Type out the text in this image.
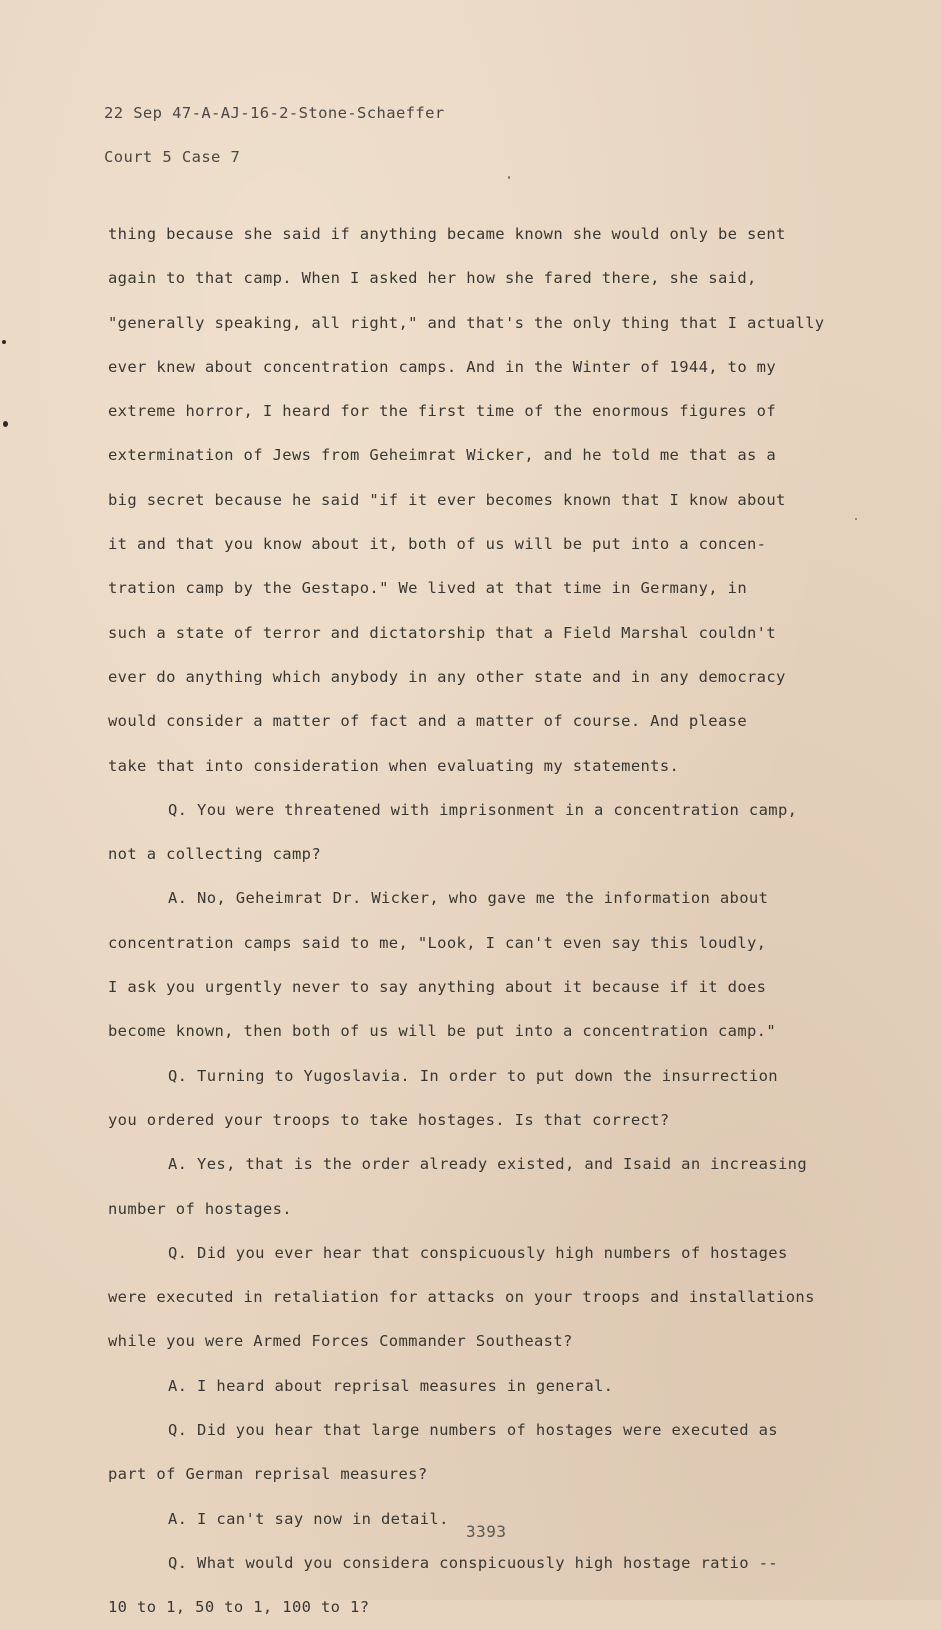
22 Sep 47-A-AJ-16-2-Stone-Schaeffer
Court 5 Case 7
thing because she said if anything became known she would only be sent
again to that camp. When I asked her how she fared there, she said,
"generally speaking, all right," and that's the only thing that I actually
ever knew about concentration camps. And in the Winter of 1944, to my
extreme horror, I heard for the first time of the enormous figures of
extermination of Jews from Geheimrat Wicker, and he told me that as a
big secret because he said "if it ever becomes known that I know about
it and that you know about it, both of us will be put into a concen-
tration camp by the Gestapo." We lived at that time in Germany, in
such a state of terror and dictatorship that a Field Marshal couldn't
ever do anything which anybody in any other state and in any democracy
would consider a matter of fact and a matter of course. And please
take that into consideration when evaluating my statements.
Q. You were threatened with imprisonment in a concentration camp,
not a collecting camp?
A. No, Geheimrat Dr. Wicker, who gave me the information about
concentration camps said to me, "Look, I can't even say this loudly,
I ask you urgently never to say anything about it because if it does
become known, then both of us will be put into a concentration camp."
Q. Turning to Yugoslavia. In order to put down the insurrection
you ordered your troops to take hostages. Is that correct?
A. Yes, that is the order already existed, and Isaid an increasing
number of hostages.
Q. Did you ever hear that conspicuously high numbers of hostages
were executed in retaliation for attacks on your troops and installations
while you were Armed Forces Commander Southeast?
A. I heard about reprisal measures in general.
Q. Did you hear that large numbers of hostages were executed as
part of German reprisal measures?
A. I can't say now in detail.
Q. What would you considera conspicuously high hostage ratio --
10 to 1, 50 to 1, 100 to 1?
3393
